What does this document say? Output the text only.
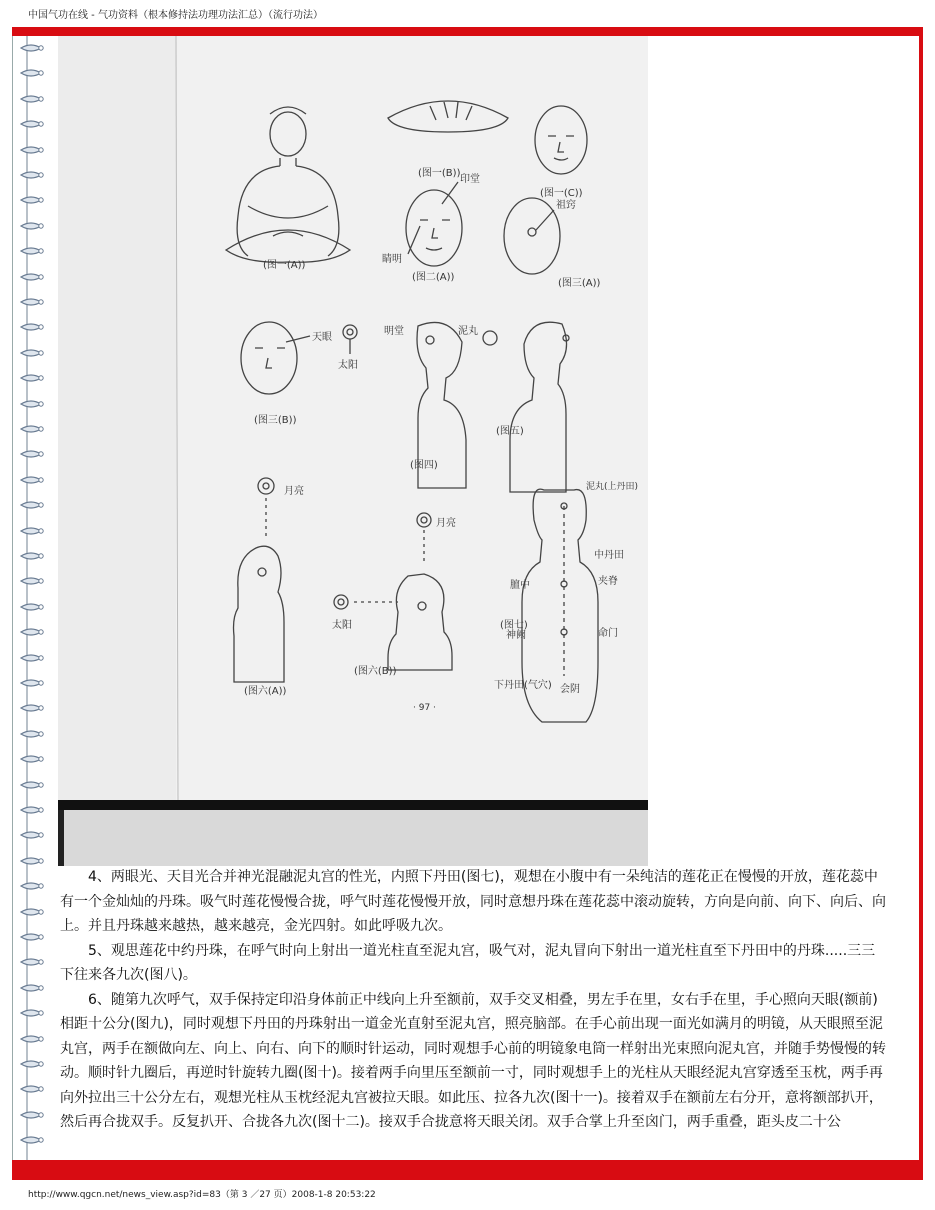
中国气功在线 - 气功资料（根本修持法功理功法汇总）（流行功法）
(图一(A))
(图一(B))
(图一(C))
(图二(A))
(图三(A))
(图三(B))
(图四)
(图五)
(图六(A))
(图六(B))
(图七)
印堂
祖窍
睛明
天眼
太阳
明堂	泥丸
月亮
月亮
太阳
膻中
神阙	命门
会阴
中丹田
夹脊
下丹田(气穴)
泥丸(上丹田)
· 97 ·

4、两眼光、天目光合并神光混融泥丸宫的性光，内照下丹田(图七)，观想在小腹中有一朵纯洁的莲花正在慢慢的开放，莲花蕊中有一个金灿灿的丹珠。吸气时莲花慢慢合拢，呼气时莲花慢慢开放，同时意想丹珠在莲花蕊中滚动旋转，方向是向前、向下、向后、向上。并且丹珠越来越热，越来越亮，金光四射。如此呼吸九次。

5、观思莲花中约丹珠，在呼气时向上射出一道光柱直至泥丸宫，吸气对，泥丸冒向下射出一道光柱直至下丹田中的丹珠.....三三下往来各九次(图八)。

6、随第九次呼气，双手保持定印沿身体前正中线向上升至额前，双手交叉相叠，男左手在里，女右手在里，手心照向天眼(额前)相距十公分(图九)，同时观想下丹田的丹珠射出一道金光直射至泥丸宫，照亮脑部。在手心前出现一面光如满月的明镜，从天眼照至泥丸宫，两手在额做向左、向上、向右、向下的顺时针运动，同时观想手心前的明镜象电筒一样射出光束照向泥丸宫，并随手势慢慢的转动。顺时针九圈后，再逆时针旋转九圈(图十)。接着两手向里压至额前一寸，同时观想手上的光柱从天眼经泥丸宫穿透至玉枕，两手再向外拉出三十公分左右，观想光柱从玉枕经泥丸宫被拉天眼。如此压、拉各九次(图十一)。接着双手在额前左右分开，意将额部扒开，然后再合拢双手。反复扒开、合拢各九次(图十二)。接双手合拢意将天眼关闭。双手合掌上升至囟门，两手重叠，距头皮二十公

http://www.qgcn.net/news_view.asp?id=83（第 3 ／27 页）2008-1-8 20:53:22
